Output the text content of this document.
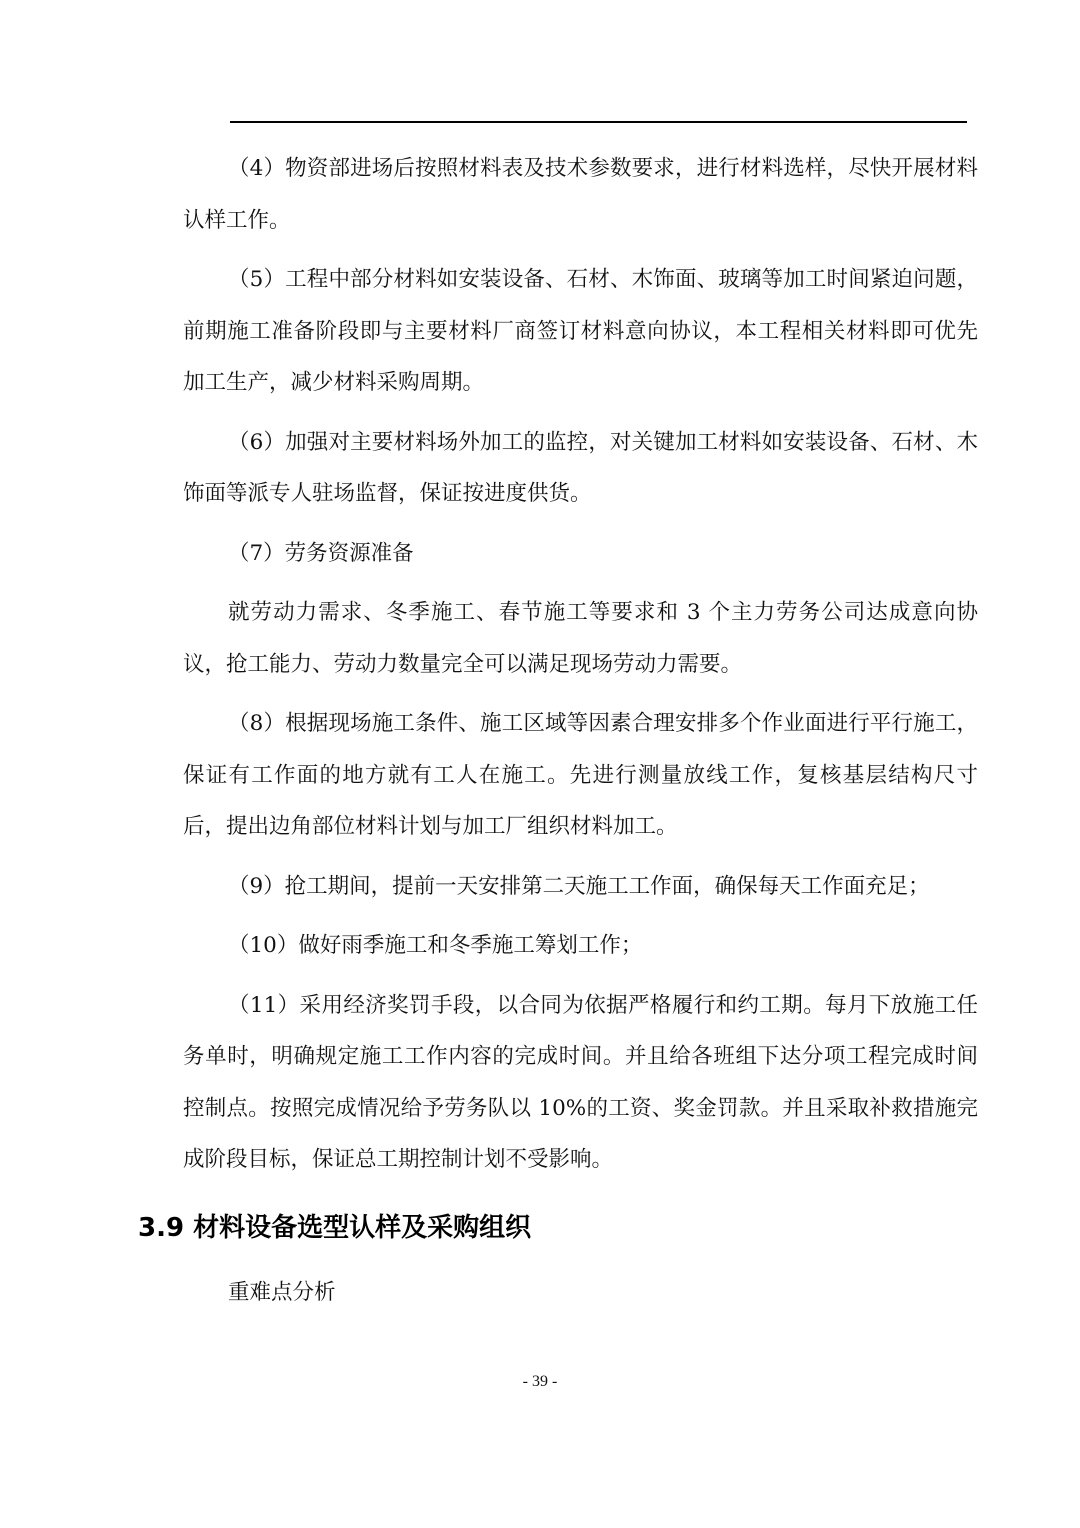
（4）物资部进场后按照材料表及技术参数要求，进行材料选样，尽快开展材料认样工作。

（5）工程中部分材料如安装设备、石材、木饰面、玻璃等加工时间紧迫问题，前期施工准备阶段即与主要材料厂商签订材料意向协议，本工程相关材料即可优先加工生产，减少材料采购周期。

（6）加强对主要材料场外加工的监控，对关键加工材料如安装设备、石材、木饰面等派专人驻场监督，保证按进度供货。

（7）劳务资源准备

就劳动力需求、冬季施工、春节施工等要求和 3 个主力劳务公司达成意向协议，抢工能力、劳动力数量完全可以满足现场劳动力需要。

（8）根据现场施工条件、施工区域等因素合理安排多个作业面进行平行施工，保证有工作面的地方就有工人在施工。先进行测量放线工作，复核基层结构尺寸后，提出边角部位材料计划与加工厂组织材料加工。

（9）抢工期间，提前一天安排第二天施工工作面，确保每天工作面充足；

（10）做好雨季施工和冬季施工筹划工作；

（11）采用经济奖罚手段，以合同为依据严格履行和约工期。每月下放施工任务单时，明确规定施工工作内容的完成时间。并且给各班组下达分项工程完成时间控制点。按照完成情况给予劳务队以 10%的工资、奖金罚款。并且采取补救措施完成阶段目标，保证总工期控制计划不受影响。

3.9 材料设备选型认样及采购组织
重难点分析
- 39 -
